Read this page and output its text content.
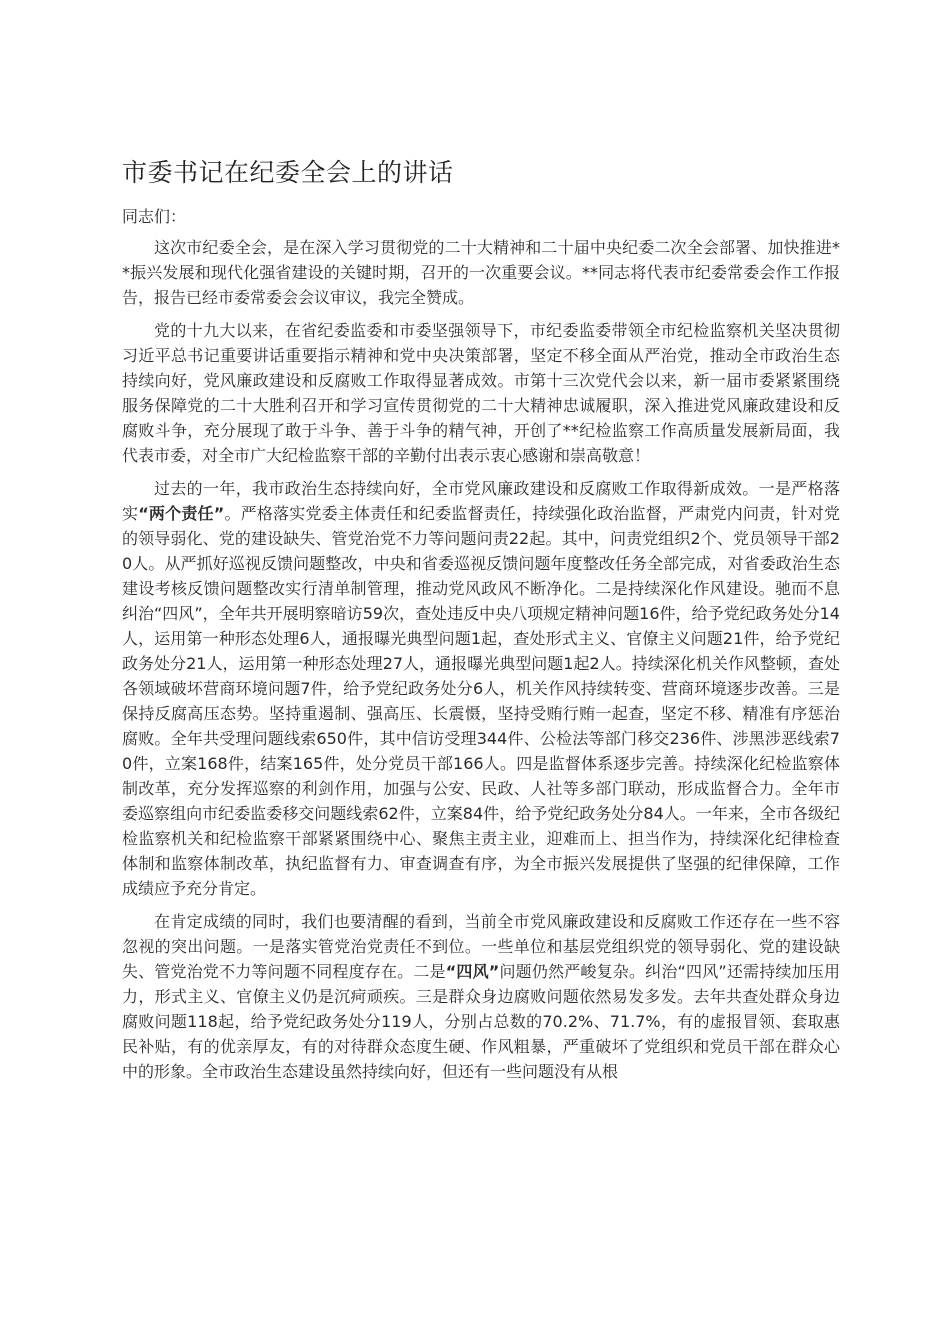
市委书记在纪委全会上的讲话

同志们：

这次市纪委全会，是在深入学习贯彻党的二十大精神和二十届中央纪委二次全会部署、加快推进**振兴发展和现代化强省建设的关键时期，召开的一次重要会议。**同志将代表市纪委常委会作工作报告，报告已经市委常委会会议审议，我完全赞成。

党的十九大以来，在省纪委监委和市委坚强领导下，市纪委监委带领全市纪检监察机关坚决贯彻习近平总书记重要讲话重要指示精神和党中央决策部署，坚定不移全面从严治党，推动全市政治生态持续向好，党风廉政建设和反腐败工作取得显著成效。市第十三次党代会以来，新一届市委紧紧围绕服务保障党的二十大胜利召开和学习宣传贯彻党的二十大精神忠诚履职，深入推进党风廉政建设和反腐败斗争，充分展现了敢于斗争、善于斗争的精气神，开创了**纪检监察工作高质量发展新局面，我代表市委，对全市广大纪检监察干部的辛勤付出表示衷心感谢和崇高敬意！

过去的一年，我市政治生态持续向好，全市党风廉政建设和反腐败工作取得新成效。一是严格落实“两个责任”。严格落实党委主体责任和纪委监督责任，持续强化政治监督，严肃党内问责，针对党的领导弱化、党的建设缺失、管党治党不力等问题问责22起。其中，问责党组织2个、党员领导干部20人。从严抓好巡视反馈问题整改，中央和省委巡视反馈问题年度整改任务全部完成，对省委政治生态建设考核反馈问题整改实行清单制管理，推动党风政风不断净化。二是持续深化作风建设。驰而不息纠治“四风”，全年共开展明察暗访59次，查处违反中央八项规定精神问题16件，给予党纪政务处分14人，运用第一种形态处理6人，通报曝光典型问题1起，查处形式主义、官僚主义问题21件，给予党纪政务处分21人，运用第一种形态处理27人，通报曝光典型问题1起2人。持续深化机关作风整顿，查处各领域破坏营商环境问题7件，给予党纪政务处分6人，机关作风持续转变、营商环境逐步改善。三是保持反腐高压态势。坚持重遏制、强高压、长震慑，坚持受贿行贿一起查，坚定不移、精准有序惩治腐败。全年共受理问题线索650件，其中信访受理344件、公检法等部门移交236件、涉黑涉恶线索70件，立案168件，结案165件，处分党员干部166人。四是监督体系逐步完善。持续深化纪检监察体制改革，充分发挥巡察的利剑作用，加强与公安、民政、人社等多部门联动，形成监督合力。全年市委巡察组向市纪委监委移交问题线索62件，立案84件，给予党纪政务处分84人。一年来，全市各级纪检监察机关和纪检监察干部紧紧围绕中心、聚焦主责主业，迎难而上、担当作为，持续深化纪律检查体制和监察体制改革，执纪监督有力、审查调查有序，为全市振兴发展提供了坚强的纪律保障，工作成绩应予充分肯定。

在肯定成绩的同时，我们也要清醒的看到，当前全市党风廉政建设和反腐败工作还存在一些不容忽视的突出问题。一是落实管党治党责任不到位。一些单位和基层党组织党的领导弱化、党的建设缺失、管党治党不力等问题不同程度存在。二是“四风”问题仍然严峻复杂。纠治“四风”还需持续加压用力，形式主义、官僚主义仍是沉疴顽疾。三是群众身边腐败问题依然易发多发。去年共查处群众身边腐败问题118起，给予党纪政务处分119人，分别占总数的70.2%、71.7%，有的虚报冒领、套取惠民补贴，有的优亲厚友，有的对待群众态度生硬、作风粗暴，严重破坏了党组织和党员干部在群众心中的形象。全市政治生态建设虽然持续向好，但还有一些问题没有从根
